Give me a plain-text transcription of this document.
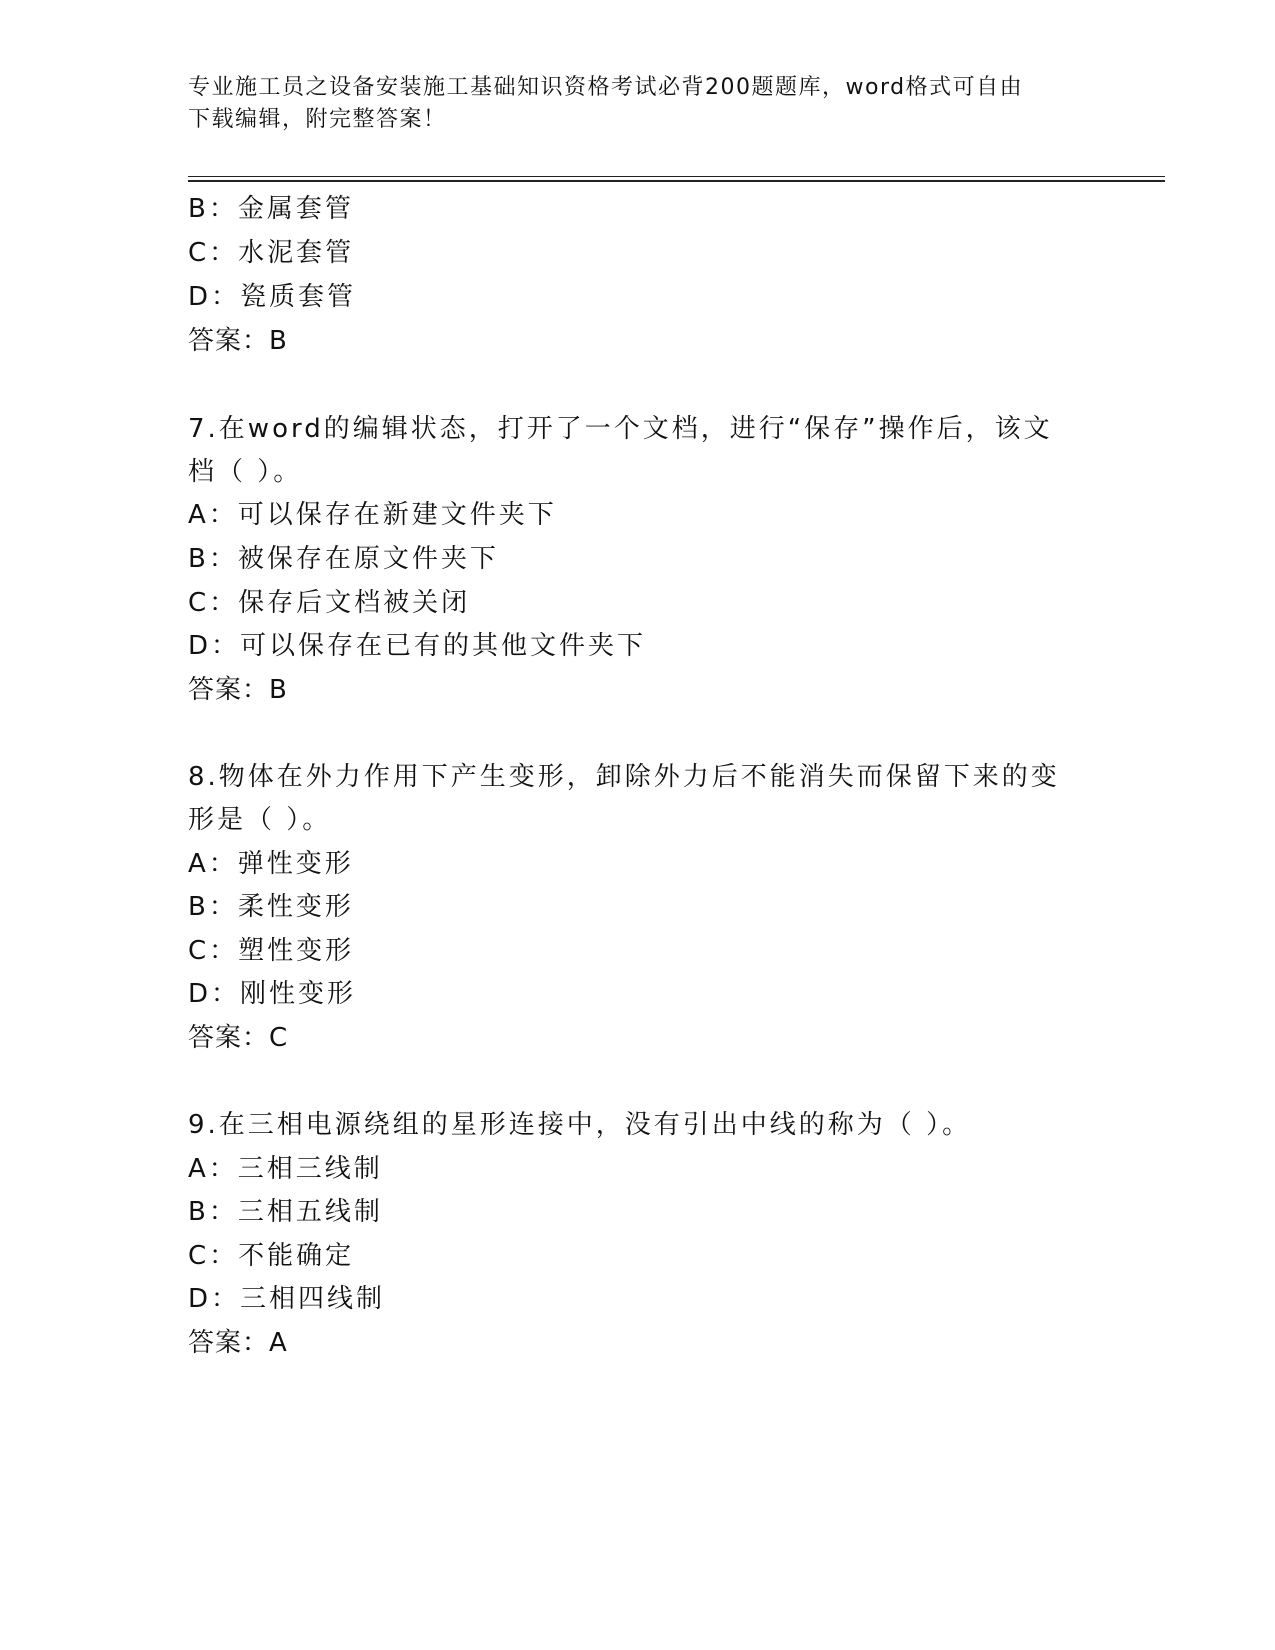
专业施工员之设备安装施工基础知识资格考试必背200题题库，word格式可自由
下载编辑，附完整答案！
B：金属套管
C：水泥套管
D：瓷质套管
答案：B
7.在word的编辑状态，打开了一个文档，进行“保存”操作后，该文
档（ ）。
A：可以保存在新建文件夹下
B：被保存在原文件夹下
C：保存后文档被关闭
D：可以保存在已有的其他文件夹下
答案：B
8.物体在外力作用下产生变形，卸除外力后不能消失而保留下来的变
形是（ ）。
A：弹性变形
B：柔性变形
C：塑性变形
D：刚性变形
答案：C
9.在三相电源绕组的星形连接中，没有引出中线的称为（ ）。
A：三相三线制
B：三相五线制
C：不能确定
D：三相四线制
答案：A
